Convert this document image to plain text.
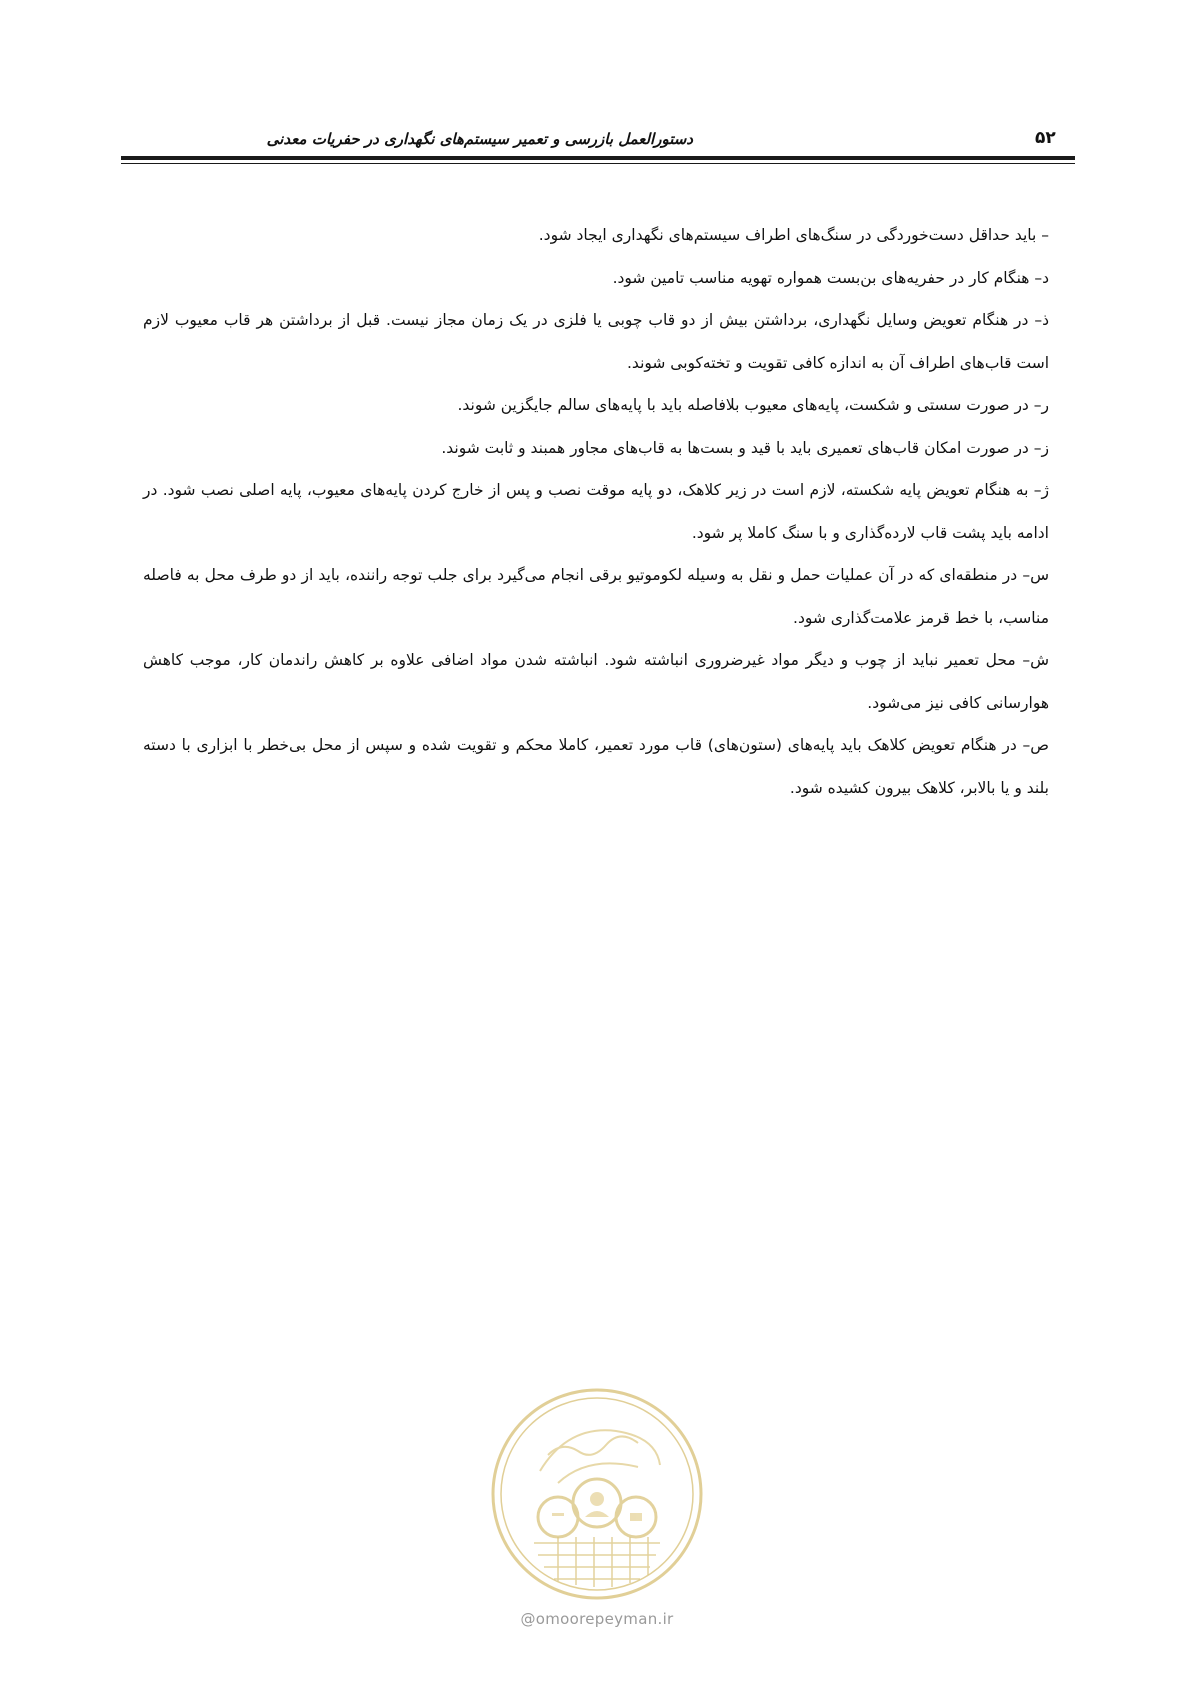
دستورالعمل بازرسی و تعمیر سیستم‌های نگهداری در حفریات معدنی	۵۲

– باید حداقل دست‌خوردگی در سنگ‌های اطراف سیستم‌های نگهداری ایجاد شود.

د– هنگام کار در حفریه‌های بن‌بست همواره تهویه مناسب تامین شود.

ذ– در هنگام تعویض وسایل نگهداری، برداشتن بیش از دو قاب چوبی یا فلزی در یک زمان مجاز نیست. قبل از برداشتن هر قاب معیوب لازم است قاب‌های اطراف آن به اندازه کافی تقویت و تخته‌کوبی شوند.

ر– در صورت سستی و شکست، پایه‌های معیوب بلافاصله باید با پایه‌های سالم جایگزین شوند.

ز– در صورت امکان قاب‌های تعمیری باید با قید و بست‌ها به قاب‌های مجاور همبند و ثابت شوند.

ژ– به هنگام تعویض پایه شکسته، لازم است در زیر کلاهک، دو پایه موقت نصب و پس از خارج کردن پایه‌های معیوب، پایه اصلی نصب شود. در ادامه باید پشت قاب لارده‌گذاری و با سنگ کاملا پر شود.

س– در منطقه‌ای که در آن عملیات حمل و نقل به وسیله لکوموتیو برقی انجام می‌گیرد برای جلب توجه راننده، باید از دو طرف محل به فاصله مناسب، با خط قرمز علامت‌گذاری شود.

ش– محل تعمیر نباید از چوب و دیگر مواد غیرضروری انباشته شود. انباشته شدن مواد اضافی علاوه بر کاهش راندمان کار، موجب کاهش هوارسانی کافی نیز می‌شود.

ص– در هنگام تعویض کلاهک باید پایه‌های (ستون‌های) قاب مورد تعمیر، کاملا محکم و تقویت شده و سپس از محل بی‌خطر با ابزاری با دسته بلند و یا بالابر، کلاهک بیرون کشیده شود.

@omoorepeyman.ir
